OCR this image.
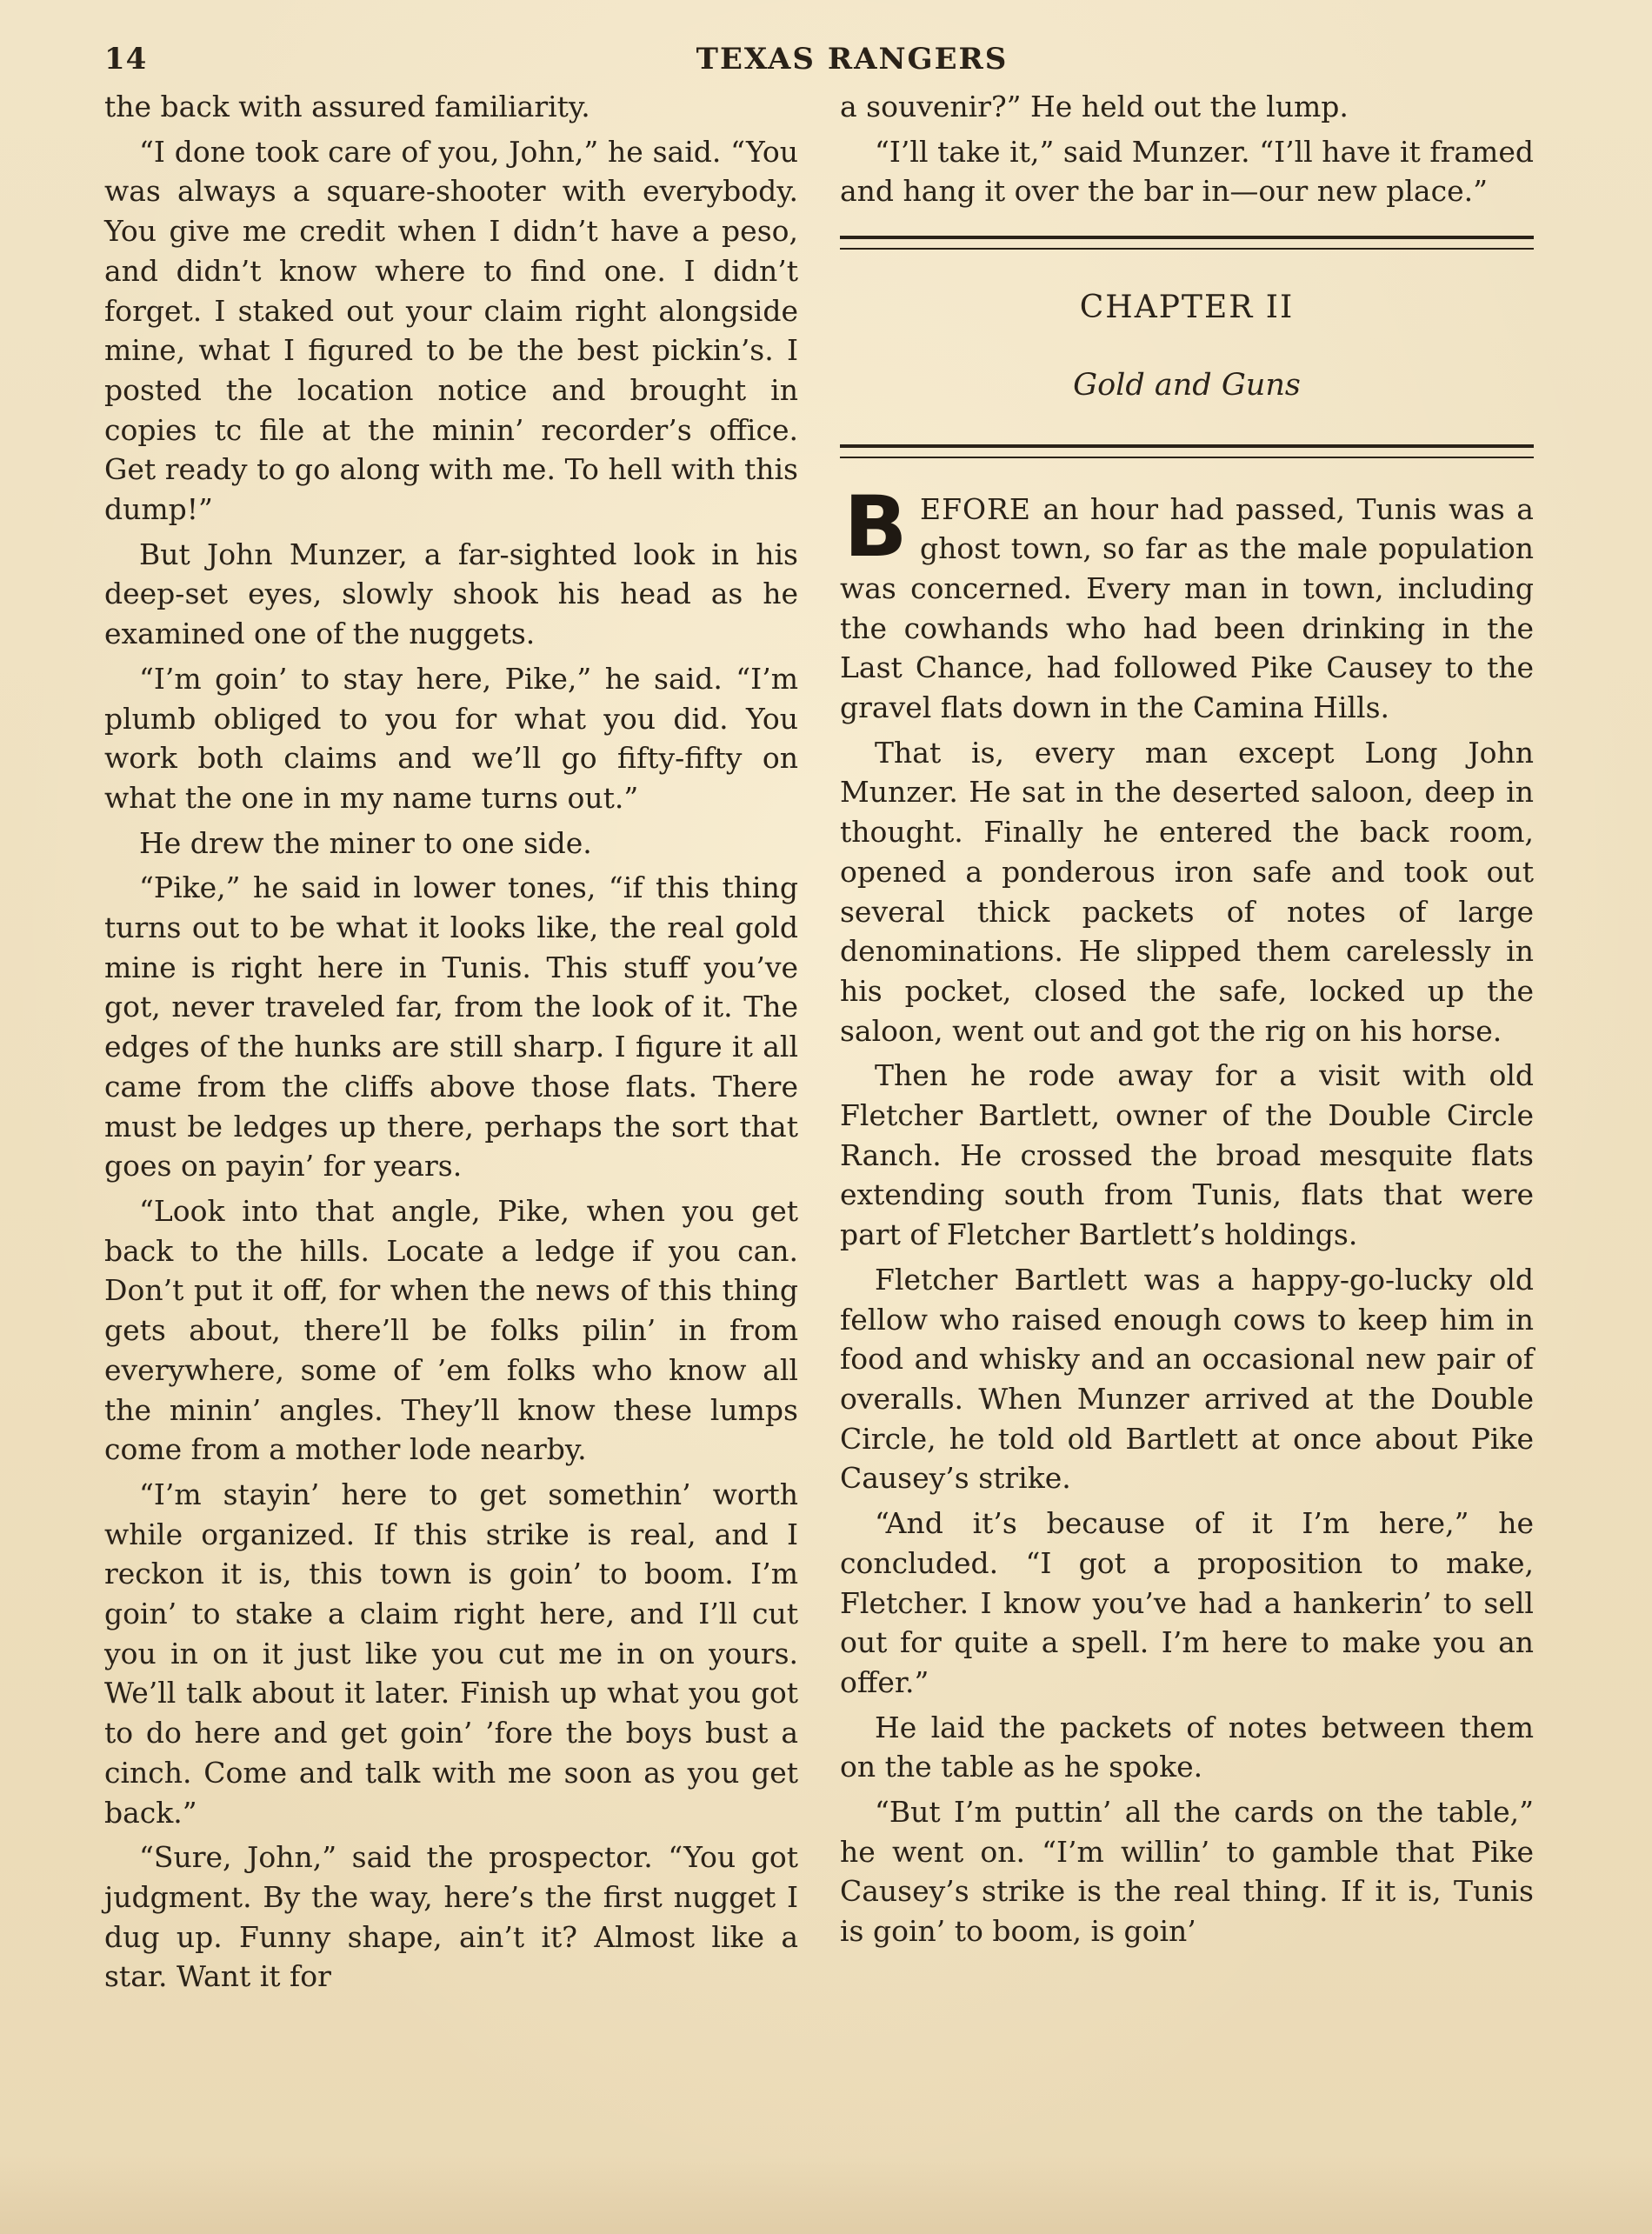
14	TEXAS RANGERS

the back with assured familiarity.

“I done took care of you, John,” he said. “You was always a square-shooter with everybody. You give me credit when I didn’t have a peso, and didn’t know where to find one. I didn’t forget. I staked out your claim right alongside mine, what I figured to be the best pickin’s. I posted the location notice and brought in copies tc file at the minin’ recorder’s office. Get ready to go along with me. To hell with this dump!”

But John Munzer, a far-sighted look in his deep-set eyes, slowly shook his head as he examined one of the nuggets.

“I’m goin’ to stay here, Pike,” he said. “I’m plumb obliged to you for what you did. You work both claims and we’ll go fifty-fifty on what the one in my name turns out.”

He drew the miner to one side.

“Pike,” he said in lower tones, “if this thing turns out to be what it looks like, the real gold mine is right here in Tunis. This stuff you’ve got, never traveled far, from the look of it. The edges of the hunks are still sharp. I figure it all came from the cliffs above those flats. There must be ledges up there, perhaps the sort that goes on payin’ for years.

“Look into that angle, Pike, when you get back to the hills. Locate a ledge if you can. Don’t put it off, for when the news of this thing gets about, there’ll be folks pilin’ in from everywhere, some of ’em folks who know all the minin’ angles. They’ll know these lumps come from a mother lode nearby.

“I’m stayin’ here to get somethin’ worth while organized. If this strike is real, and I reckon it is, this town is goin’ to boom. I’m goin’ to stake a claim right here, and I’ll cut you in on it just like you cut me in on yours. We’ll talk about it later. Finish up what you got to do here and get goin’ ’fore the boys bust a cinch. Come and talk with me soon as you get back.”

“Sure, John,” said the prospector. “You got judgment. By the way, here’s the first nugget I dug up. Funny shape, ain’t it? Almost like a star. Want it for

a souvenir?” He held out the lump.

“I’ll take it,” said Munzer. “I’ll have it framed and hang it over the bar in—our new place.”

CHAPTER II
Gold and Guns

BEFORE an hour had passed, Tunis was a ghost town, so far as the male population was concerned. Every man in town, including the cowhands who had been drinking in the Last Chance, had followed Pike Causey to the gravel flats down in the Camina Hills.

That is, every man except Long John Munzer. He sat in the deserted saloon, deep in thought. Finally he entered the back room, opened a ponderous iron safe and took out several thick packets of notes of large denominations. He slipped them carelessly in his pocket, closed the safe, locked up the saloon, went out and got the rig on his horse.

Then he rode away for a visit with old Fletcher Bartlett, owner of the Double Circle Ranch. He crossed the broad mesquite flats extending south from Tunis, flats that were part of Fletcher Bartlett’s holdings.

Fletcher Bartlett was a happy-go-lucky old fellow who raised enough cows to keep him in food and whisky and an occasional new pair of overalls. When Munzer arrived at the Double Circle, he told old Bartlett at once about Pike Causey’s strike.

“And it’s because of it I’m here,” he concluded. “I got a proposition to make, Fletcher. I know you’ve had a hankerin’ to sell out for quite a spell. I’m here to make you an offer.”

He laid the packets of notes between them on the table as he spoke.

“But I’m puttin’ all the cards on the table,” he went on. “I’m willin’ to gamble that Pike Causey’s strike is the real thing. If it is, Tunis is goin’ to boom, is goin’
